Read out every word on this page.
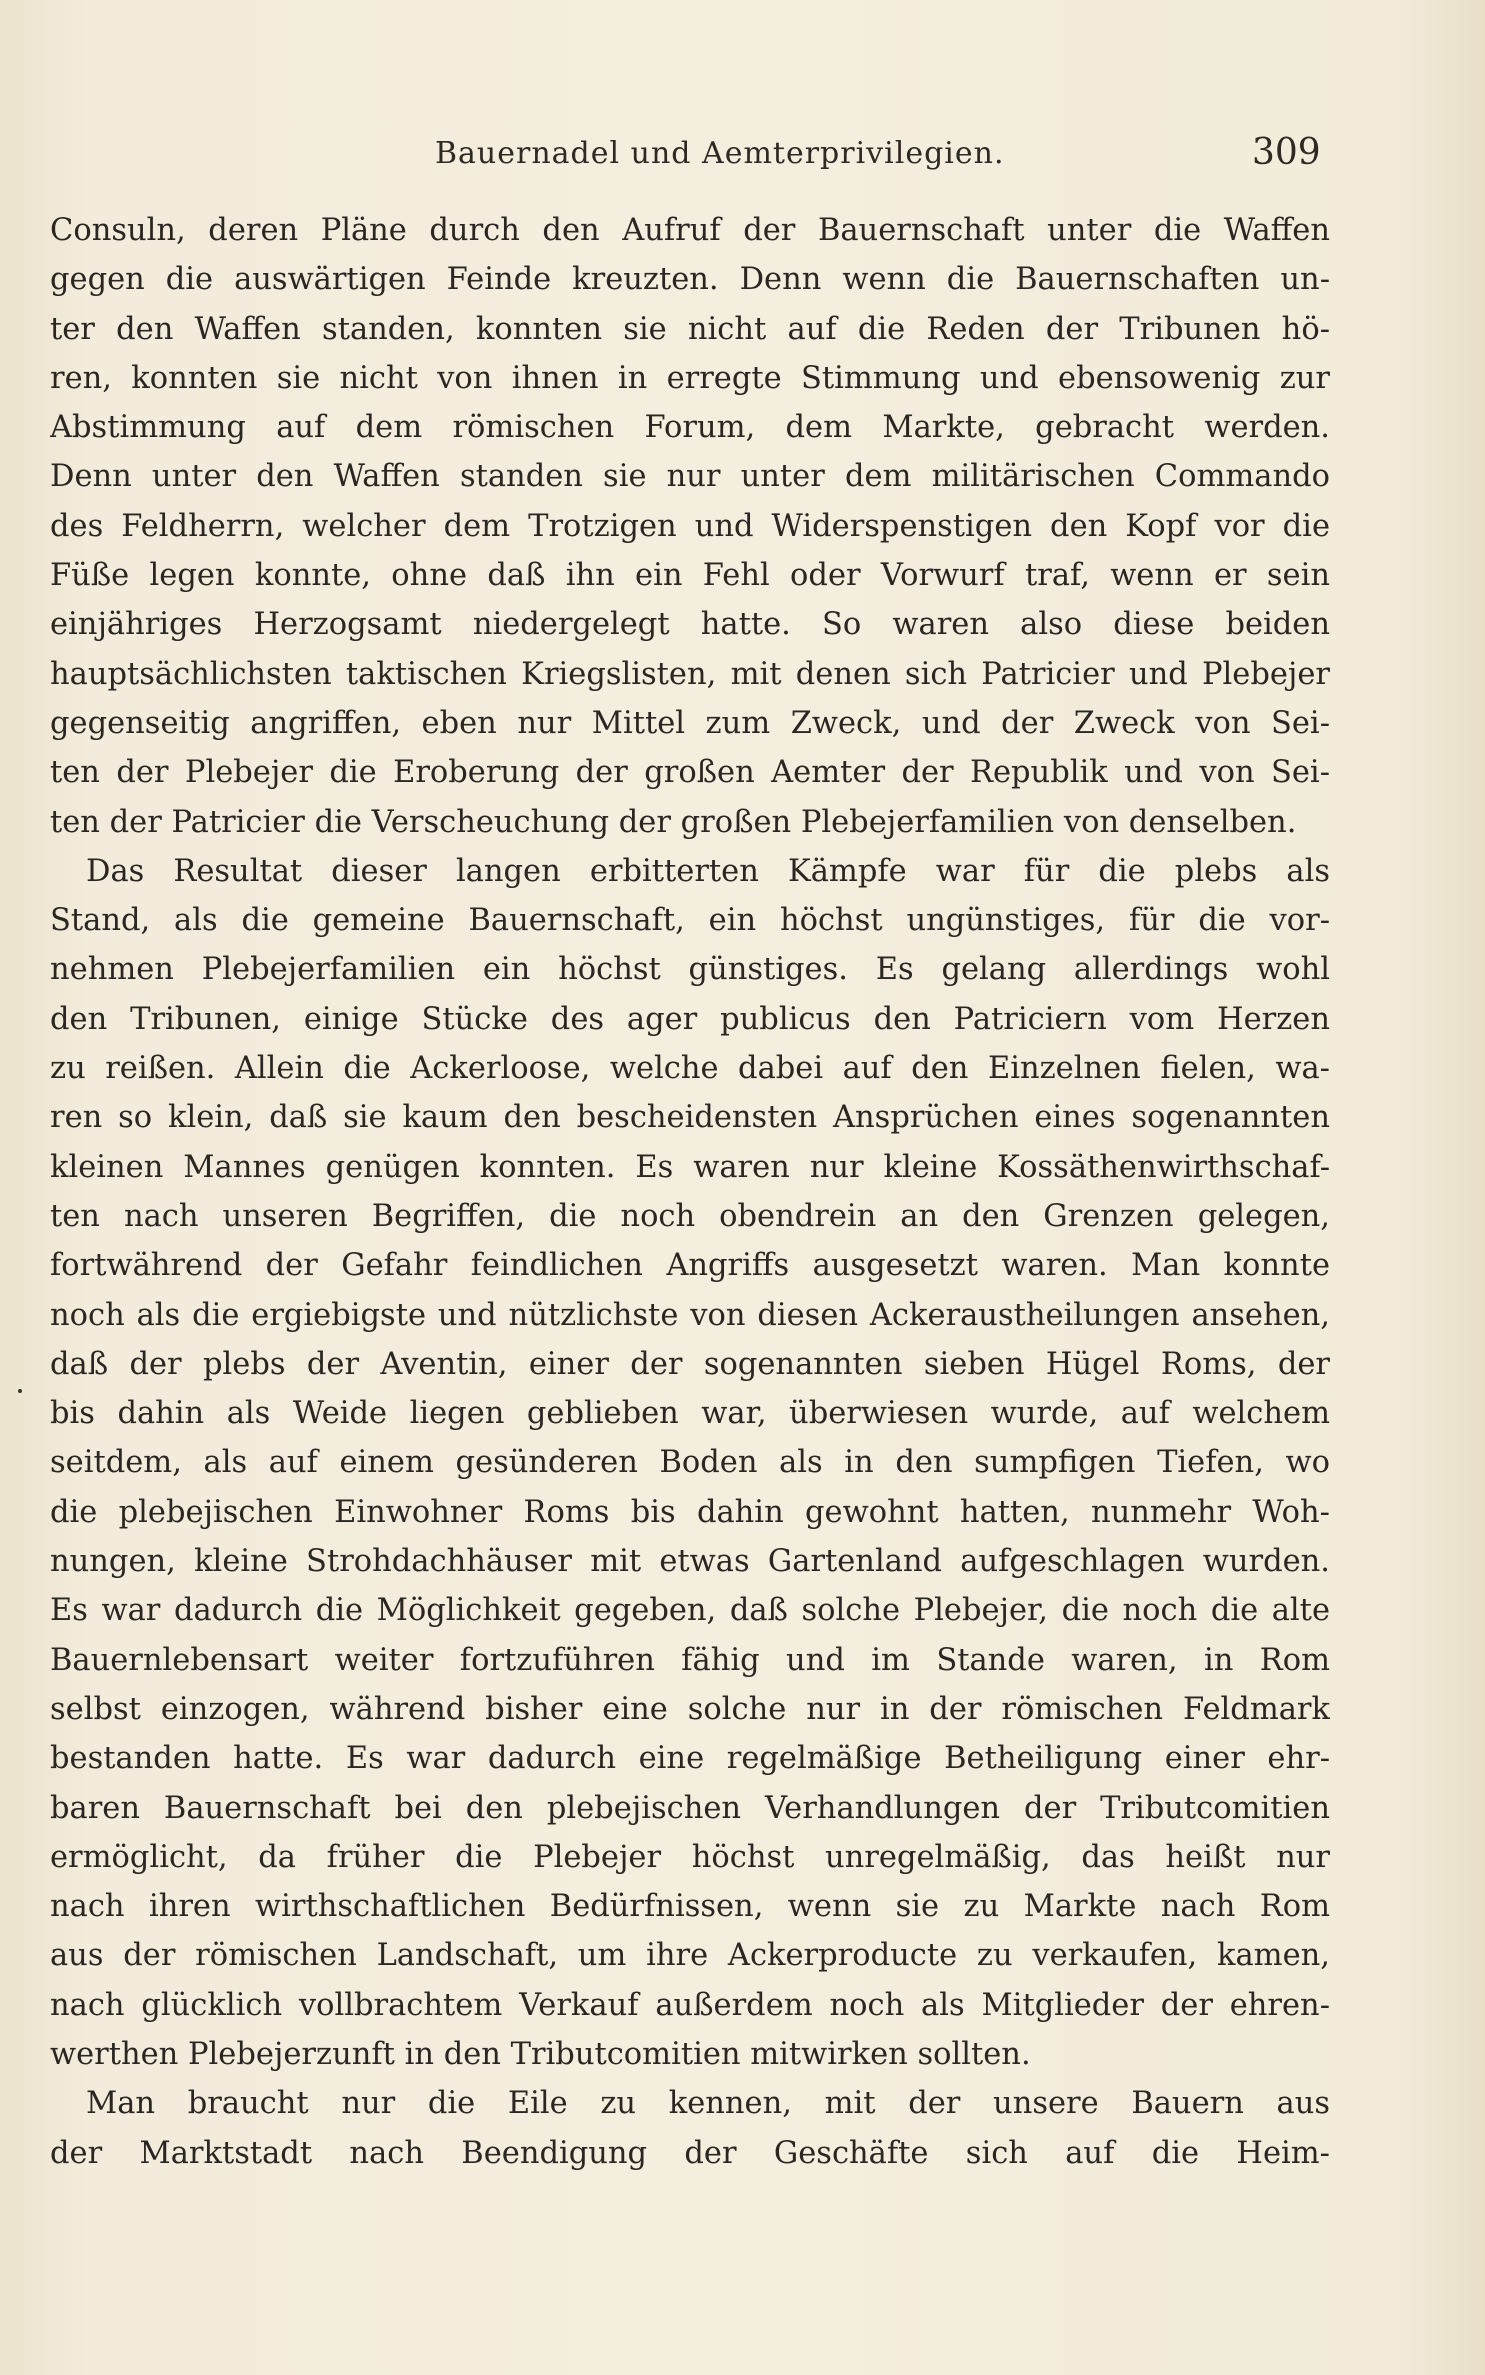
Bauernadel und Aemterprivilegien.	309
Consuln, deren Pläne durch den Aufruf der Bauernschaft unter die Waffen
gegen die auswärtigen Feinde kreuzten. Denn wenn die Bauernschaften un-
ter den Waffen standen, konnten sie nicht auf die Reden der Tribunen hö-
ren, konnten sie nicht von ihnen in erregte Stimmung und ebensowenig zur
Abstimmung auf dem römischen Forum, dem Markte, gebracht werden.
Denn unter den Waffen standen sie nur unter dem militärischen Commando
des Feldherrn, welcher dem Trotzigen und Widerspenstigen den Kopf vor die
Füße legen konnte, ohne daß ihn ein Fehl oder Vorwurf traf, wenn er sein
einjähriges Herzogsamt niedergelegt hatte. So waren also diese beiden
hauptsächlichsten taktischen Kriegslisten, mit denen sich Patricier und Plebejer
gegenseitig angriffen, eben nur Mittel zum Zweck, und der Zweck von Sei-
ten der Plebejer die Eroberung der großen Aemter der Republik und von Sei-
ten der Patricier die Verscheuchung der großen Plebejerfamilien von denselben.
Das Resultat dieser langen erbitterten Kämpfe war für die plebs als
Stand, als die gemeine Bauernschaft, ein höchst ungünstiges, für die vor-
nehmen Plebejerfamilien ein höchst günstiges. Es gelang allerdings wohl
den Tribunen, einige Stücke des ager publicus den Patriciern vom Herzen
zu reißen. Allein die Ackerloose, welche dabei auf den Einzelnen fielen, wa-
ren so klein, daß sie kaum den bescheidensten Ansprüchen eines sogenannten
kleinen Mannes genügen konnten. Es waren nur kleine Kossäthenwirthschaf-
ten nach unseren Begriffen, die noch obendrein an den Grenzen gelegen,
fortwährend der Gefahr feindlichen Angriffs ausgesetzt waren. Man konnte
noch als die ergiebigste und nützlichste von diesen Ackeraustheilungen ansehen,
daß der plebs der Aventin, einer der sogenannten sieben Hügel Roms, der
bis dahin als Weide liegen geblieben war, überwiesen wurde, auf welchem
seitdem, als auf einem gesünderen Boden als in den sumpfigen Tiefen, wo
die plebejischen Einwohner Roms bis dahin gewohnt hatten, nunmehr Woh-
nungen, kleine Strohdachhäuser mit etwas Gartenland aufgeschlagen wurden.
Es war dadurch die Möglichkeit gegeben, daß solche Plebejer, die noch die alte
Bauernlebensart weiter fortzuführen fähig und im Stande waren, in Rom
selbst einzogen, während bisher eine solche nur in der römischen Feldmark
bestanden hatte. Es war dadurch eine regelmäßige Betheiligung einer ehr-
baren Bauernschaft bei den plebejischen Verhandlungen der Tributcomitien
ermöglicht, da früher die Plebejer höchst unregelmäßig, das heißt nur
nach ihren wirthschaftlichen Bedürfnissen, wenn sie zu Markte nach Rom
aus der römischen Landschaft, um ihre Ackerproducte zu verkaufen, kamen,
nach glücklich vollbrachtem Verkauf außerdem noch als Mitglieder der ehren-
werthen Plebejerzunft in den Tributcomitien mitwirken sollten.
Man braucht nur die Eile zu kennen, mit der unsere Bauern aus
der Marktstadt nach Beendigung der Geschäfte sich auf die Heim-
